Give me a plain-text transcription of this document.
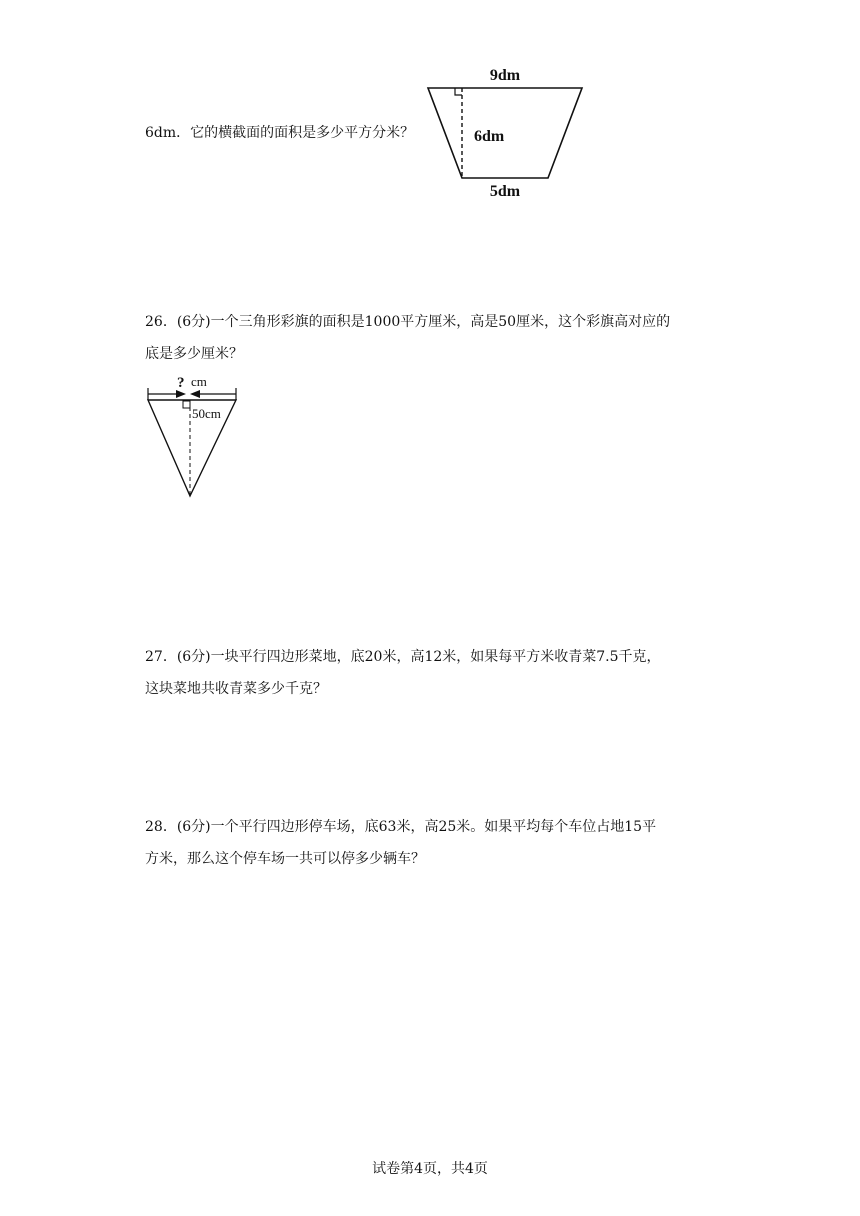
6dm．它的横截面的面积是多少平方分米？
9dm
6dm
5dm
26．(6分)一个三角形彩旗的面积是1000平方厘米，高是50厘米，这个彩旗高对应的
底是多少厘米？
? cm
50cm
27．(6分)一块平行四边形菜地，底20米，高12米，如果每平方米收青菜7.5千克，
这块菜地共收青菜多少千克？
28．(6分)一个平行四边形停车场，底63米，高25米。如果平均每个车位占地15平
方米，那么这个停车场一共可以停多少辆车？
试卷第4页，共4页
